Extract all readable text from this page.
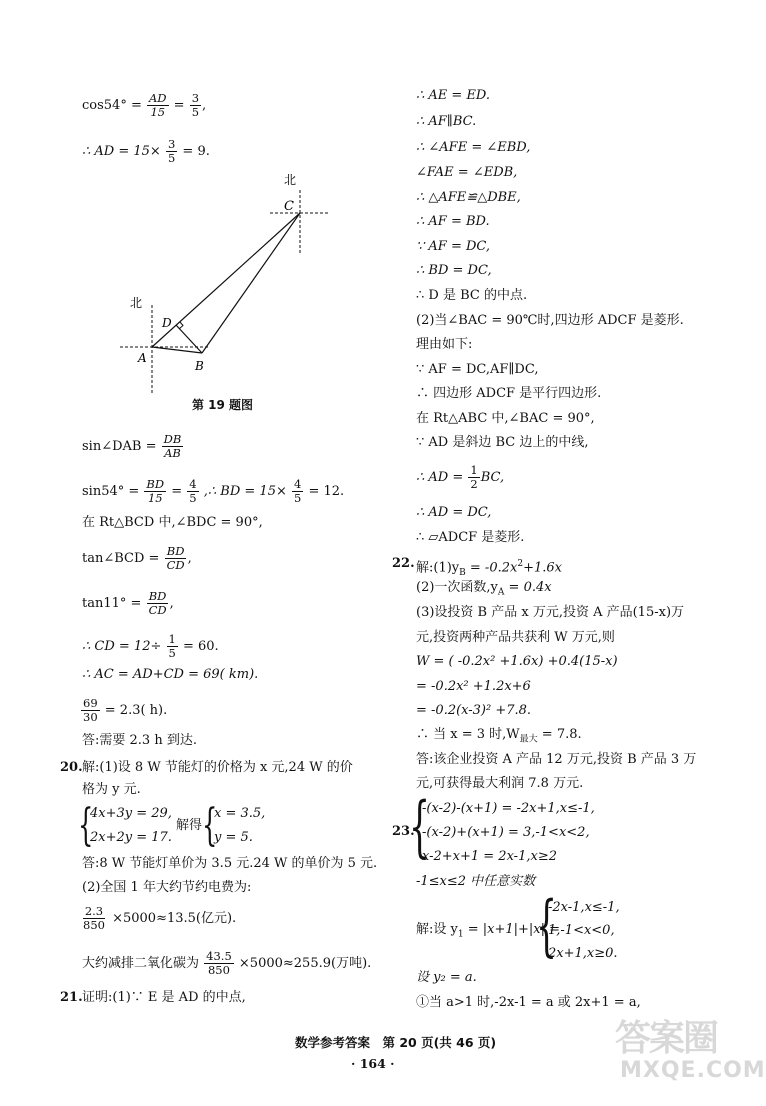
$\cos 54^\circ = \frac{AD}{15} = \frac{3}{5}$ ,
∴ AD = $15\times \frac{3}{5} = 9$.
C
北
北
D
A
B
第 19 题图
sin∠DAB = $\frac{DB}{AB}$
$\sin 54^\circ = \frac{BD}{15} = \frac{4}{5}$ ,∴ BD = $15\times \frac{4}{5} = 12$.
在 Rt△BCD 中,∠BDC = 90°,
tan∠BCD = $\frac{BD}{CD}$ ,
$\tan 11^\circ = \frac{BD}{CD}$ ,
∴ CD = $12\div \frac{1}{5} = 60$.
∴ AC = AD+CD = 69( km).
$\frac{69}{30} = 2.3$( h).
答:需要 2.3 h 到达.
20. 解:(1)设 8 W 节能灯的价格为 x 元,24 W 的价
格为 y 元.
{
4x+3y = 29,
2x+2y = 17.
解得 {
x = 3.5,
y = 5.
答:8 W 节能灯单价为 3.5 元.24 W 的单价为 5 元.
(2)全国 1 年大约节约电费为:
$\frac{2.3}{850} \times 5000\approx 13.5$(亿元).
大约减排二氧化碳为 $\frac{43.5}{850} \times 5000\approx 255.9$(万吨).
21. 证明:(1)∵ E 是 AD 的中点,
∴ AE = ED.
∴ AF∥BC.
∴ ∠AFE = ∠EBD,
∠FAE = ∠EDB,
∴ △AFE≌△DBE,
∴ AF = BD.
∵ AF = DC,
∴ BD = DC,
∴ D 是 BC 的中点.
(2)当∠BAC = 90℃时,四边形 ADCF 是菱形.
理由如下:
∵ AF = DC,AF∥DC,
∴ 四边形 ADCF 是平行四边形.
在 Rt△ABC 中,∠BAC = 90°,
∵ AD 是斜边 BC 边上的中线,
∴ AD = $\frac{1}{2}$ BC,
∴ AD = DC,
∴ ▱ADCF 是菱形.
22. 解$:(1)y_B = -0.2x^2+1.6x$
(2)一次函数$,y_A = 0.4x$
(3)设投资 B 产品 x 万元,投资 A 产品(15-x)万
元,投资两种产品共获利 W 万元,则
W = ( -0.2x² +1.6x) +0.4(15-x)
= -0.2x² +1.2x+6
= -0.2(x-3)² +7.8.
∴ 当 x = 3 时$,W_{最大} = 7.8$.
答:该企业投资 A 产品 12 万元,投资 B 产品 3 万
元,可获得最大利润 7.8 万元.
23.
{
-(x-2)-(x+1) = -2x+1,x≤-1,
-(x-2)+(x+1) = 3,-1<x<2,
x-2+x+1 = 2x-1,x≥2
-1≤x≤2 中任意实数
解:设 $y_1 = |x+1|+|x|$ =
{
-2x-1,x≤-1,
1,-1<x<0,
2x+1,x≥0.
设 y₂ = a.
①当 a>1 时,-2x-1 = a 或 2x+1 = a,
数学参考答案　第 20 页(共 46 页)
· 164 ·
答案圈
MXQE.COM
